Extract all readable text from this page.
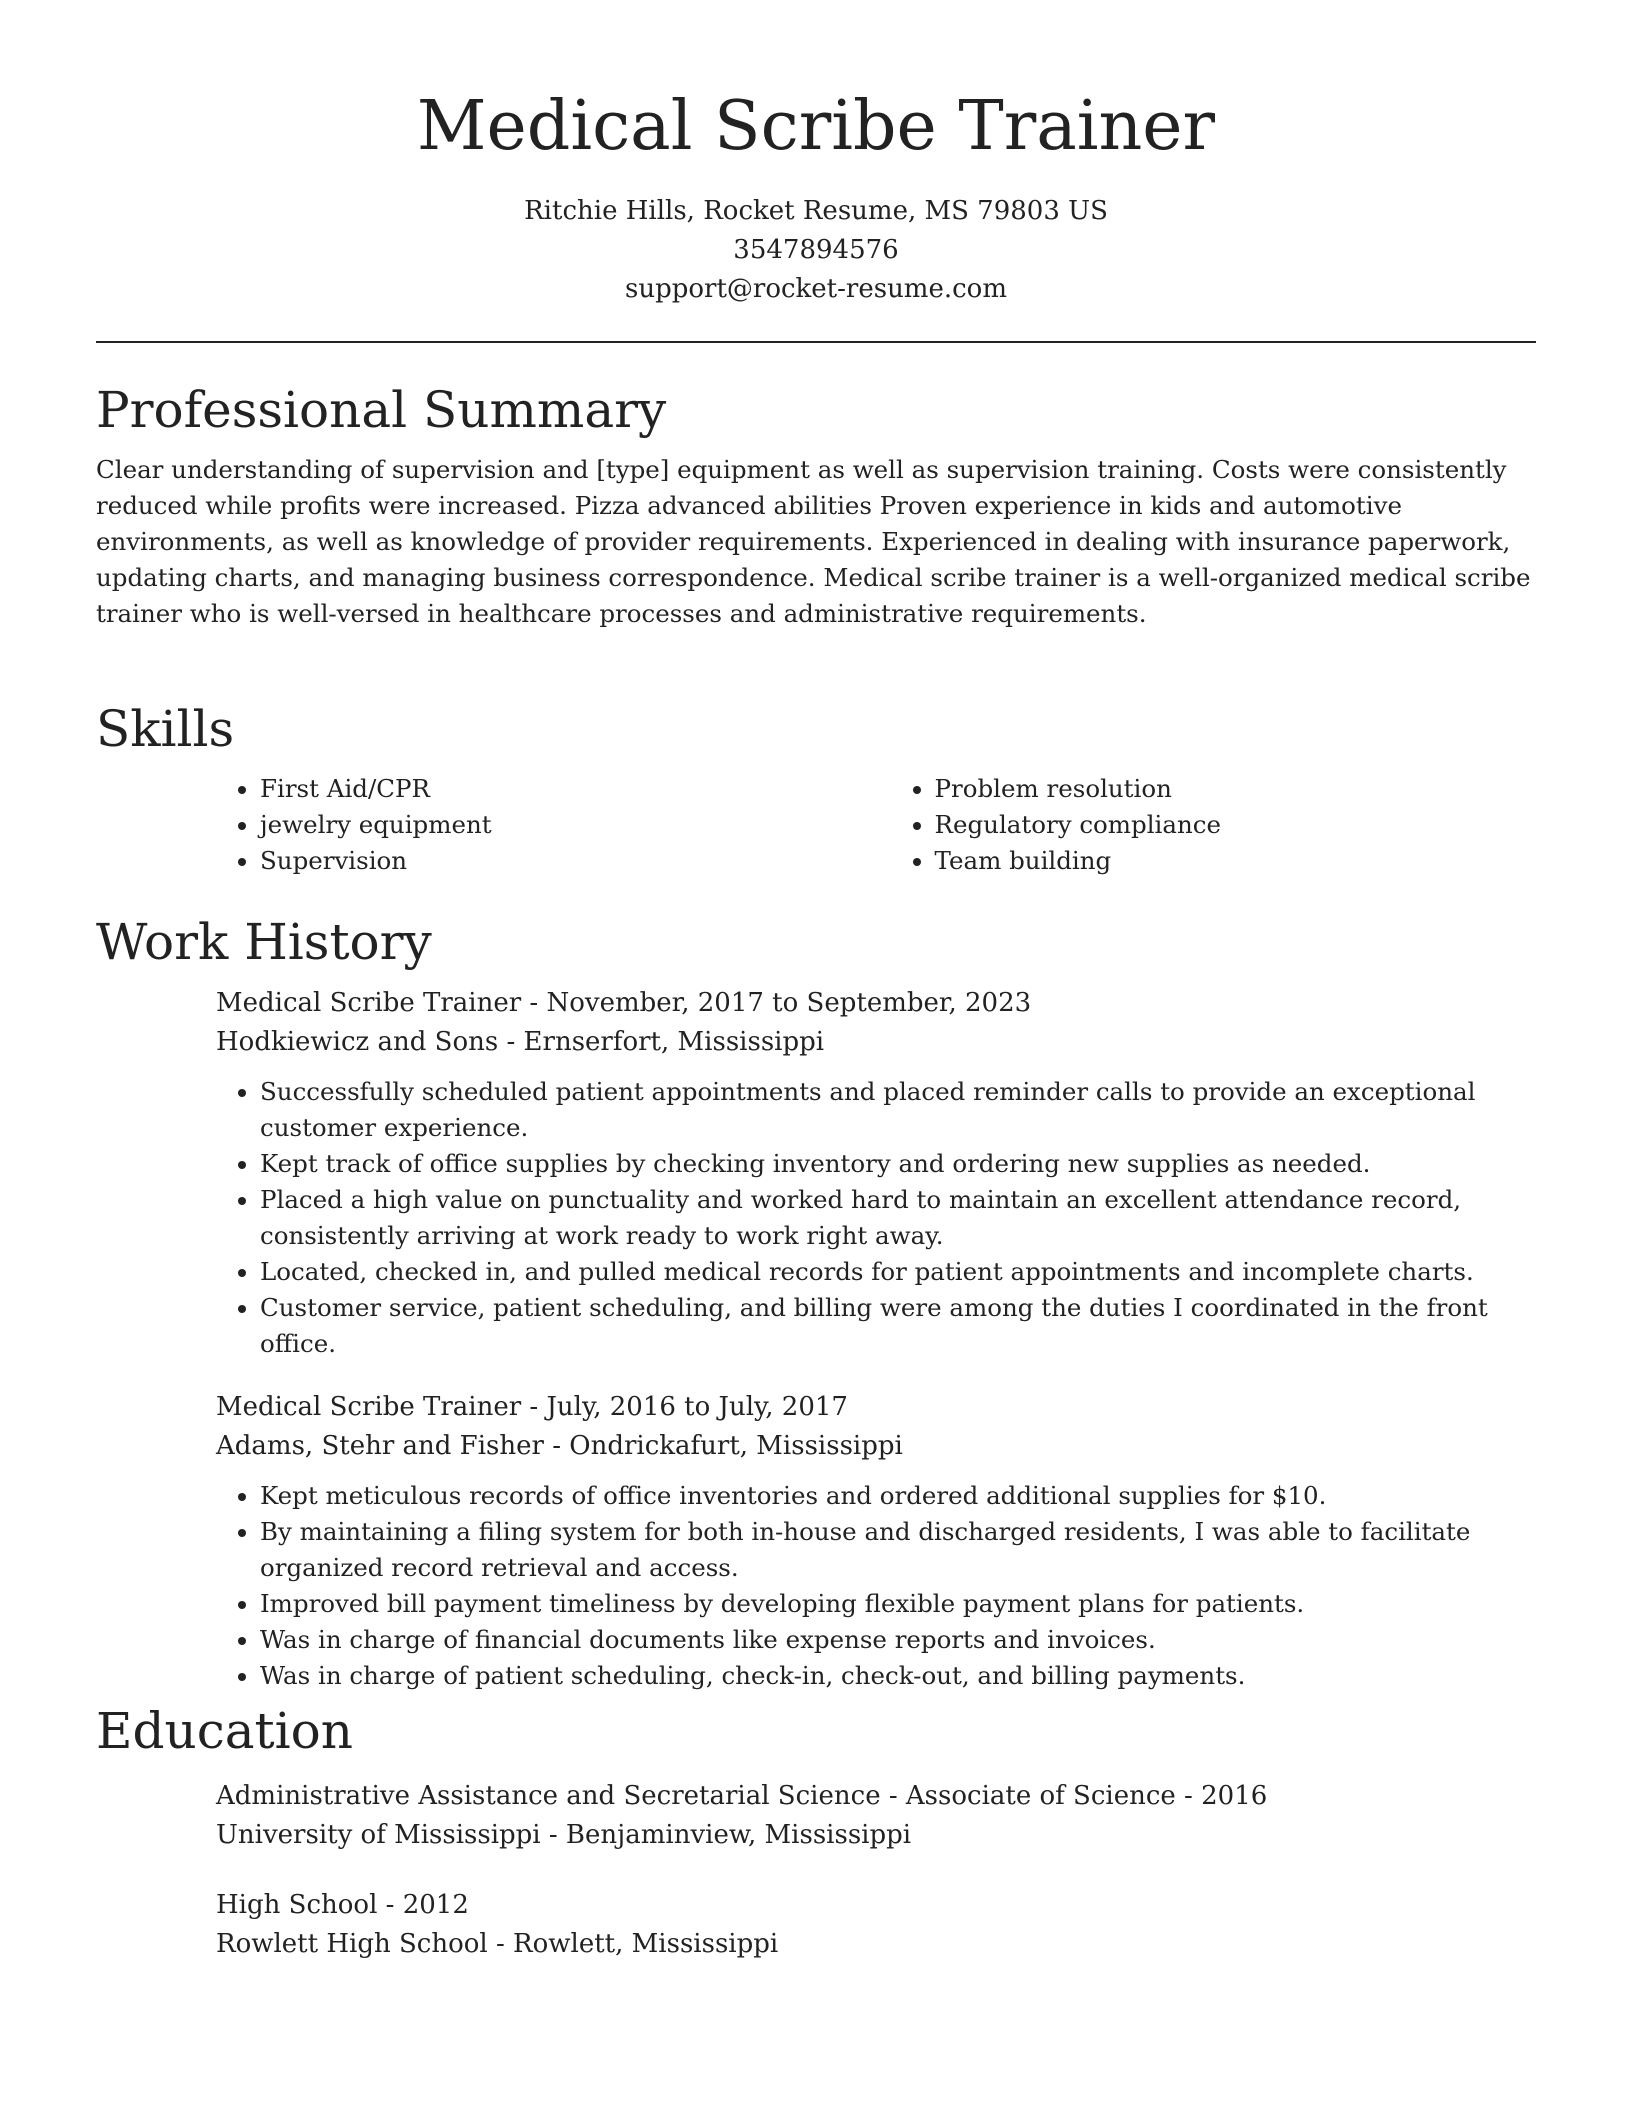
Medical Scribe Trainer
Ritchie Hills, Rocket Resume, MS 79803 US
3547894576
support@rocket-resume.com
Professional Summary

Clear understanding of supervision and [type] equipment as well as supervision training. Costs were consistently reduced while profits were increased. Pizza advanced abilities Proven experience in kids and automotive environments, as well as knowledge of provider requirements. Experienced in dealing with insurance paperwork, updating charts, and managing business correspondence. Medical scribe trainer is a well-organized medical scribe trainer who is well-versed in healthcare processes and administrative requirements.

Skills
• First Aid/CPR
• jewelry equipment
• Supervision
• Problem resolution
• Regulatory compliance
• Team building
Work History
Medical Scribe Trainer - November, 2017 to September, 2023
Hodkiewicz and Sons - Ernserfort, Mississippi
• Successfully scheduled patient appointments and placed reminder calls to provide an exceptional customer experience.
• Kept track of office supplies by checking inventory and ordering new supplies as needed.
• Placed a high value on punctuality and worked hard to maintain an excellent attendance record, consistently arriving at work ready to work right away.
• Located, checked in, and pulled medical records for patient appointments and incomplete charts.
• Customer service, patient scheduling, and billing were among the duties I coordinated in the front office.
Medical Scribe Trainer - July, 2016 to July, 2017
Adams, Stehr and Fisher - Ondrickafurt, Mississippi
• Kept meticulous records of office inventories and ordered additional supplies for $10.
• By maintaining a filing system for both in-house and discharged residents, I was able to facilitate organized record retrieval and access.
• Improved bill payment timeliness by developing flexible payment plans for patients.
• Was in charge of financial documents like expense reports and invoices.
• Was in charge of patient scheduling, check-in, check-out, and billing payments.
Education
Administrative Assistance and Secretarial Science - Associate of Science - 2016
University of Mississippi - Benjaminview, Mississippi
High School - 2012
Rowlett High School - Rowlett, Mississippi
